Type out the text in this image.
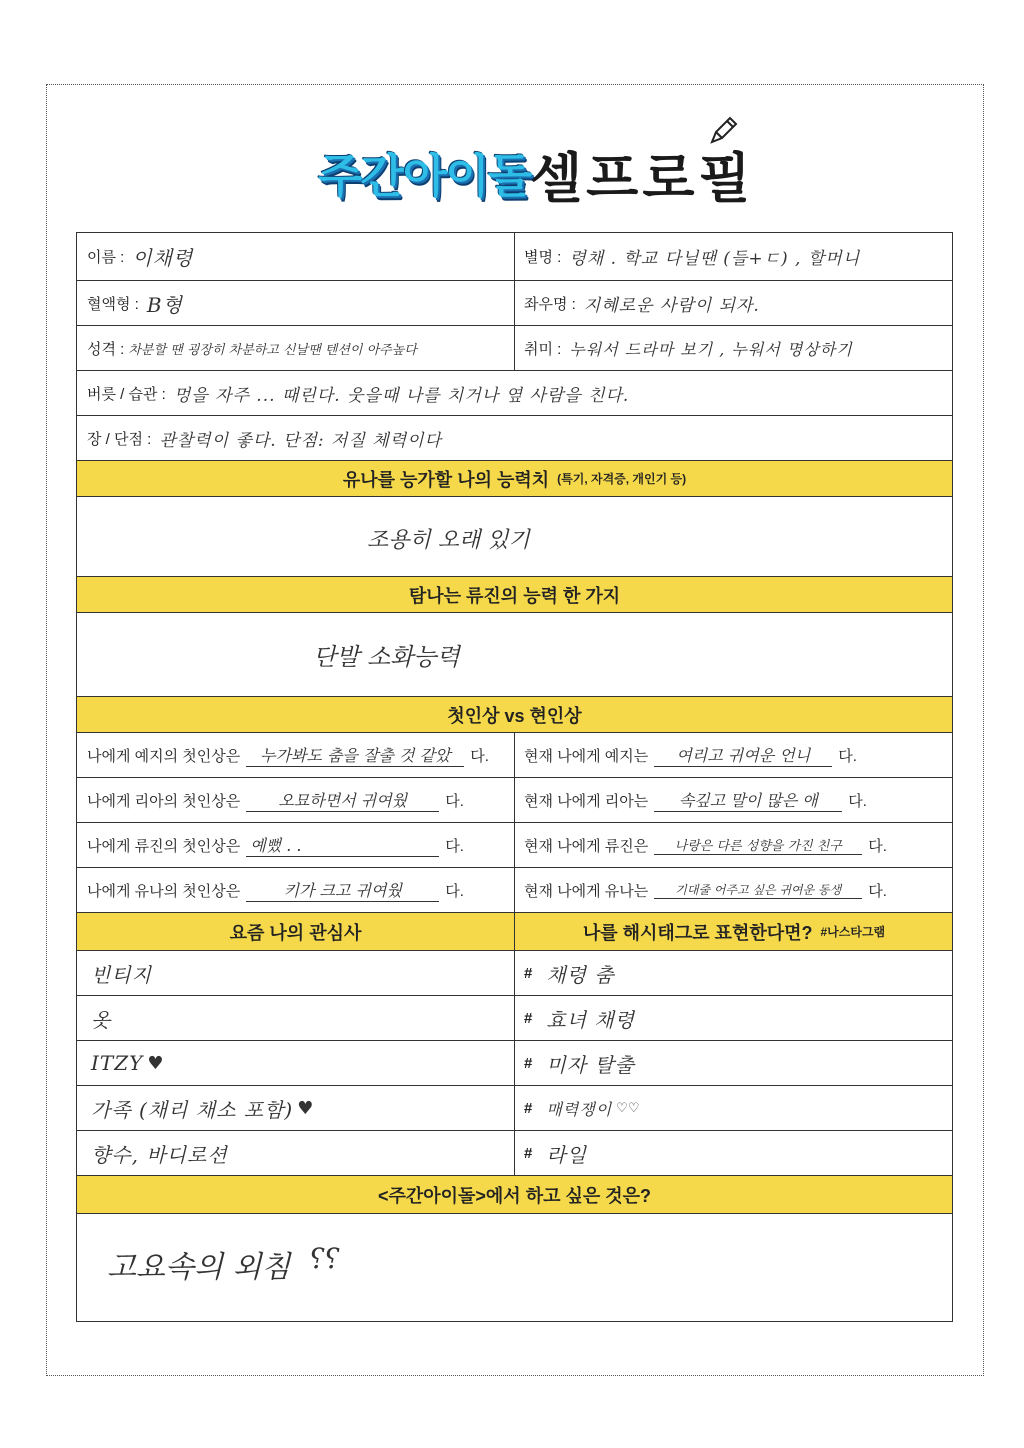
주간 아이돌 셀프로필
이름 : 이채령	별명 : 령채 . 학교 다닐땐 (들+ㄷ) , 할머니
혈액형 : B형	좌우명 : 지혜로운 사람이 되자.
성격 : 차분할 땐 굉장히 차분하고 신날땐 텐션이 아주높다	취미 : 누워서 드라마 보기 , 누워서 명상하기
버릇 / 습관 : 멍을 자주 ... 때린다. 웃을때 나를 치거나 옆 사람을 친다.
장 / 단점 : 관찰력이 좋다. 단점: 저질 체력이다
유나를 능가할 나의 능력치 (특기, 자격증, 개인기 등)
조용히 오래 있기
탐나는 류진의 능력 한 가지
단발 소화능력
첫인상 vs 현인상
나에게 예지의 첫인상은	누가봐도 춤을 잘출 것 같았	다. 현재 나에게 예지는	여리고 귀여운 언니	다.
나에게 리아의 첫인상은	오묘하면서 귀여웠	다.	현재 나에게 리아는	속깊고 말이 많은 애	다.
나에게 류진의 첫인상은 예뻤 . .	다.	현재 나에게 류진은	나랑은 다른 성향을 가진 친구	다.
나에게 유나의 첫인상은	키가 크고 귀여웠	다.	현재 나에게 유나는	기대줄 어주고 싶은 귀여운 동생	다.
요즘 나의 관심사	나를 해시태그로 표현한다면? #나스타그램
빈티지	# 채령 춤
옷	# 효녀 채령
ITZY ♥	# 미자 탈출
가족 (채리 채소 포함) ♥	# 매력쟁이 ♡♡
향수, 바디로션	# 라일
<주간아이돌>에서 하고 싶은 것은?
고요속의 외침 ⸮⸮
